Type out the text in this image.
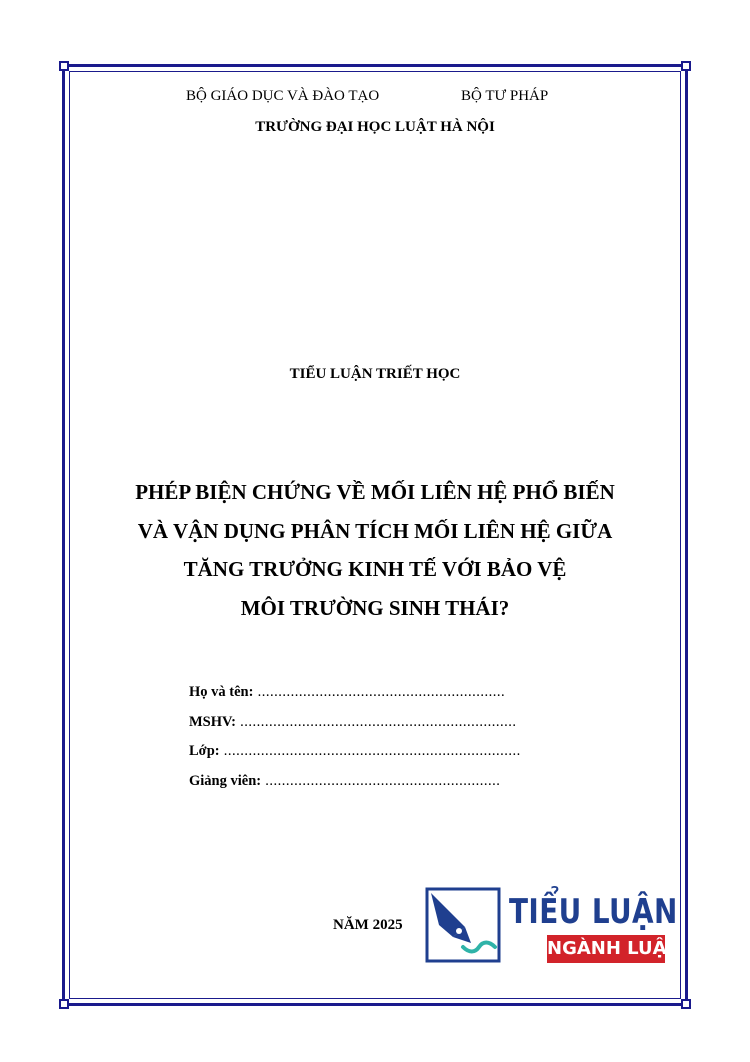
BỘ GIÁO DỤC VÀ ĐÀO TẠO	BỘ TƯ PHÁP
TRƯỜNG ĐẠI HỌC LUẬT HÀ NỘI
TIỂU LUẬN TRIẾT HỌC
PHÉP BIỆN CHỨNG VỀ MỐI LIÊN HỆ PHỔ BIẾN
VÀ VẬN DỤNG PHÂN TÍCH MỐI LIÊN HỆ GIỮA
TĂNG TRƯỞNG KINH TẾ VỚI BẢO VỆ
MÔI TRƯỜNG SINH THÁI?
Họ và tên: ............................................................
MSHV: ...................................................................
Lớp: ........................................................................
Giảng viên: .........................................................
NĂM 2025	TIỂU LUẬN
NGÀNH LUẬT
